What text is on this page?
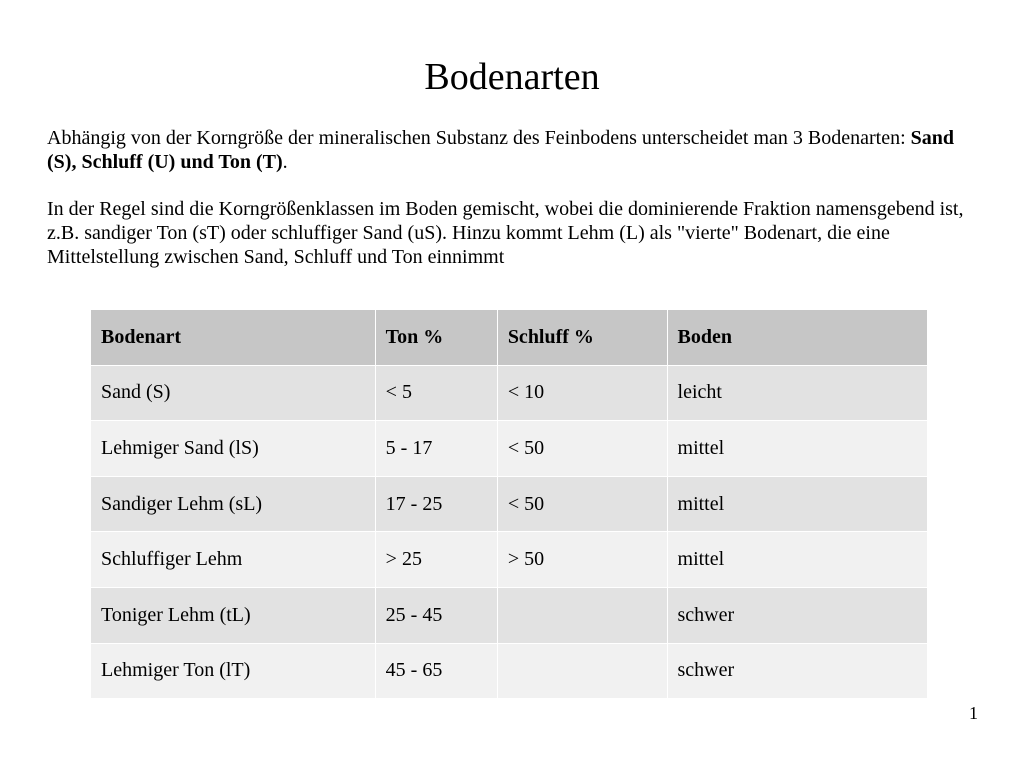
Bodenarten

Abhängig von der Korngröße der mineralischen Substanz des Feinbodens unterscheidet man 3 Bodenarten: Sand (S), Schluff (U) und Ton (T).

In der Regel sind die Korngrößenklassen im Boden gemischt, wobei die dominierende Fraktion namensgebend ist, z.B. sandiger Ton (sT) oder schluffiger Sand (uS). Hinzu kommt Lehm (L) als "vierte" Bodenart, die eine Mittelstellung zwischen Sand, Schluff und Ton einnimmt

Bodenart	Ton %	Schluff %	Boden
Sand (S)	< 5	< 10	leicht
Lehmiger Sand (lS)	5 - 17	< 50	mittel
Sandiger Lehm (sL)	17 - 25	< 50	mittel
Schluffiger Lehm	> 25	> 50	mittel
Toniger Lehm (tL)	25 - 45		schwer
Lehmiger Ton (lT)	45 - 65		schwer
1
